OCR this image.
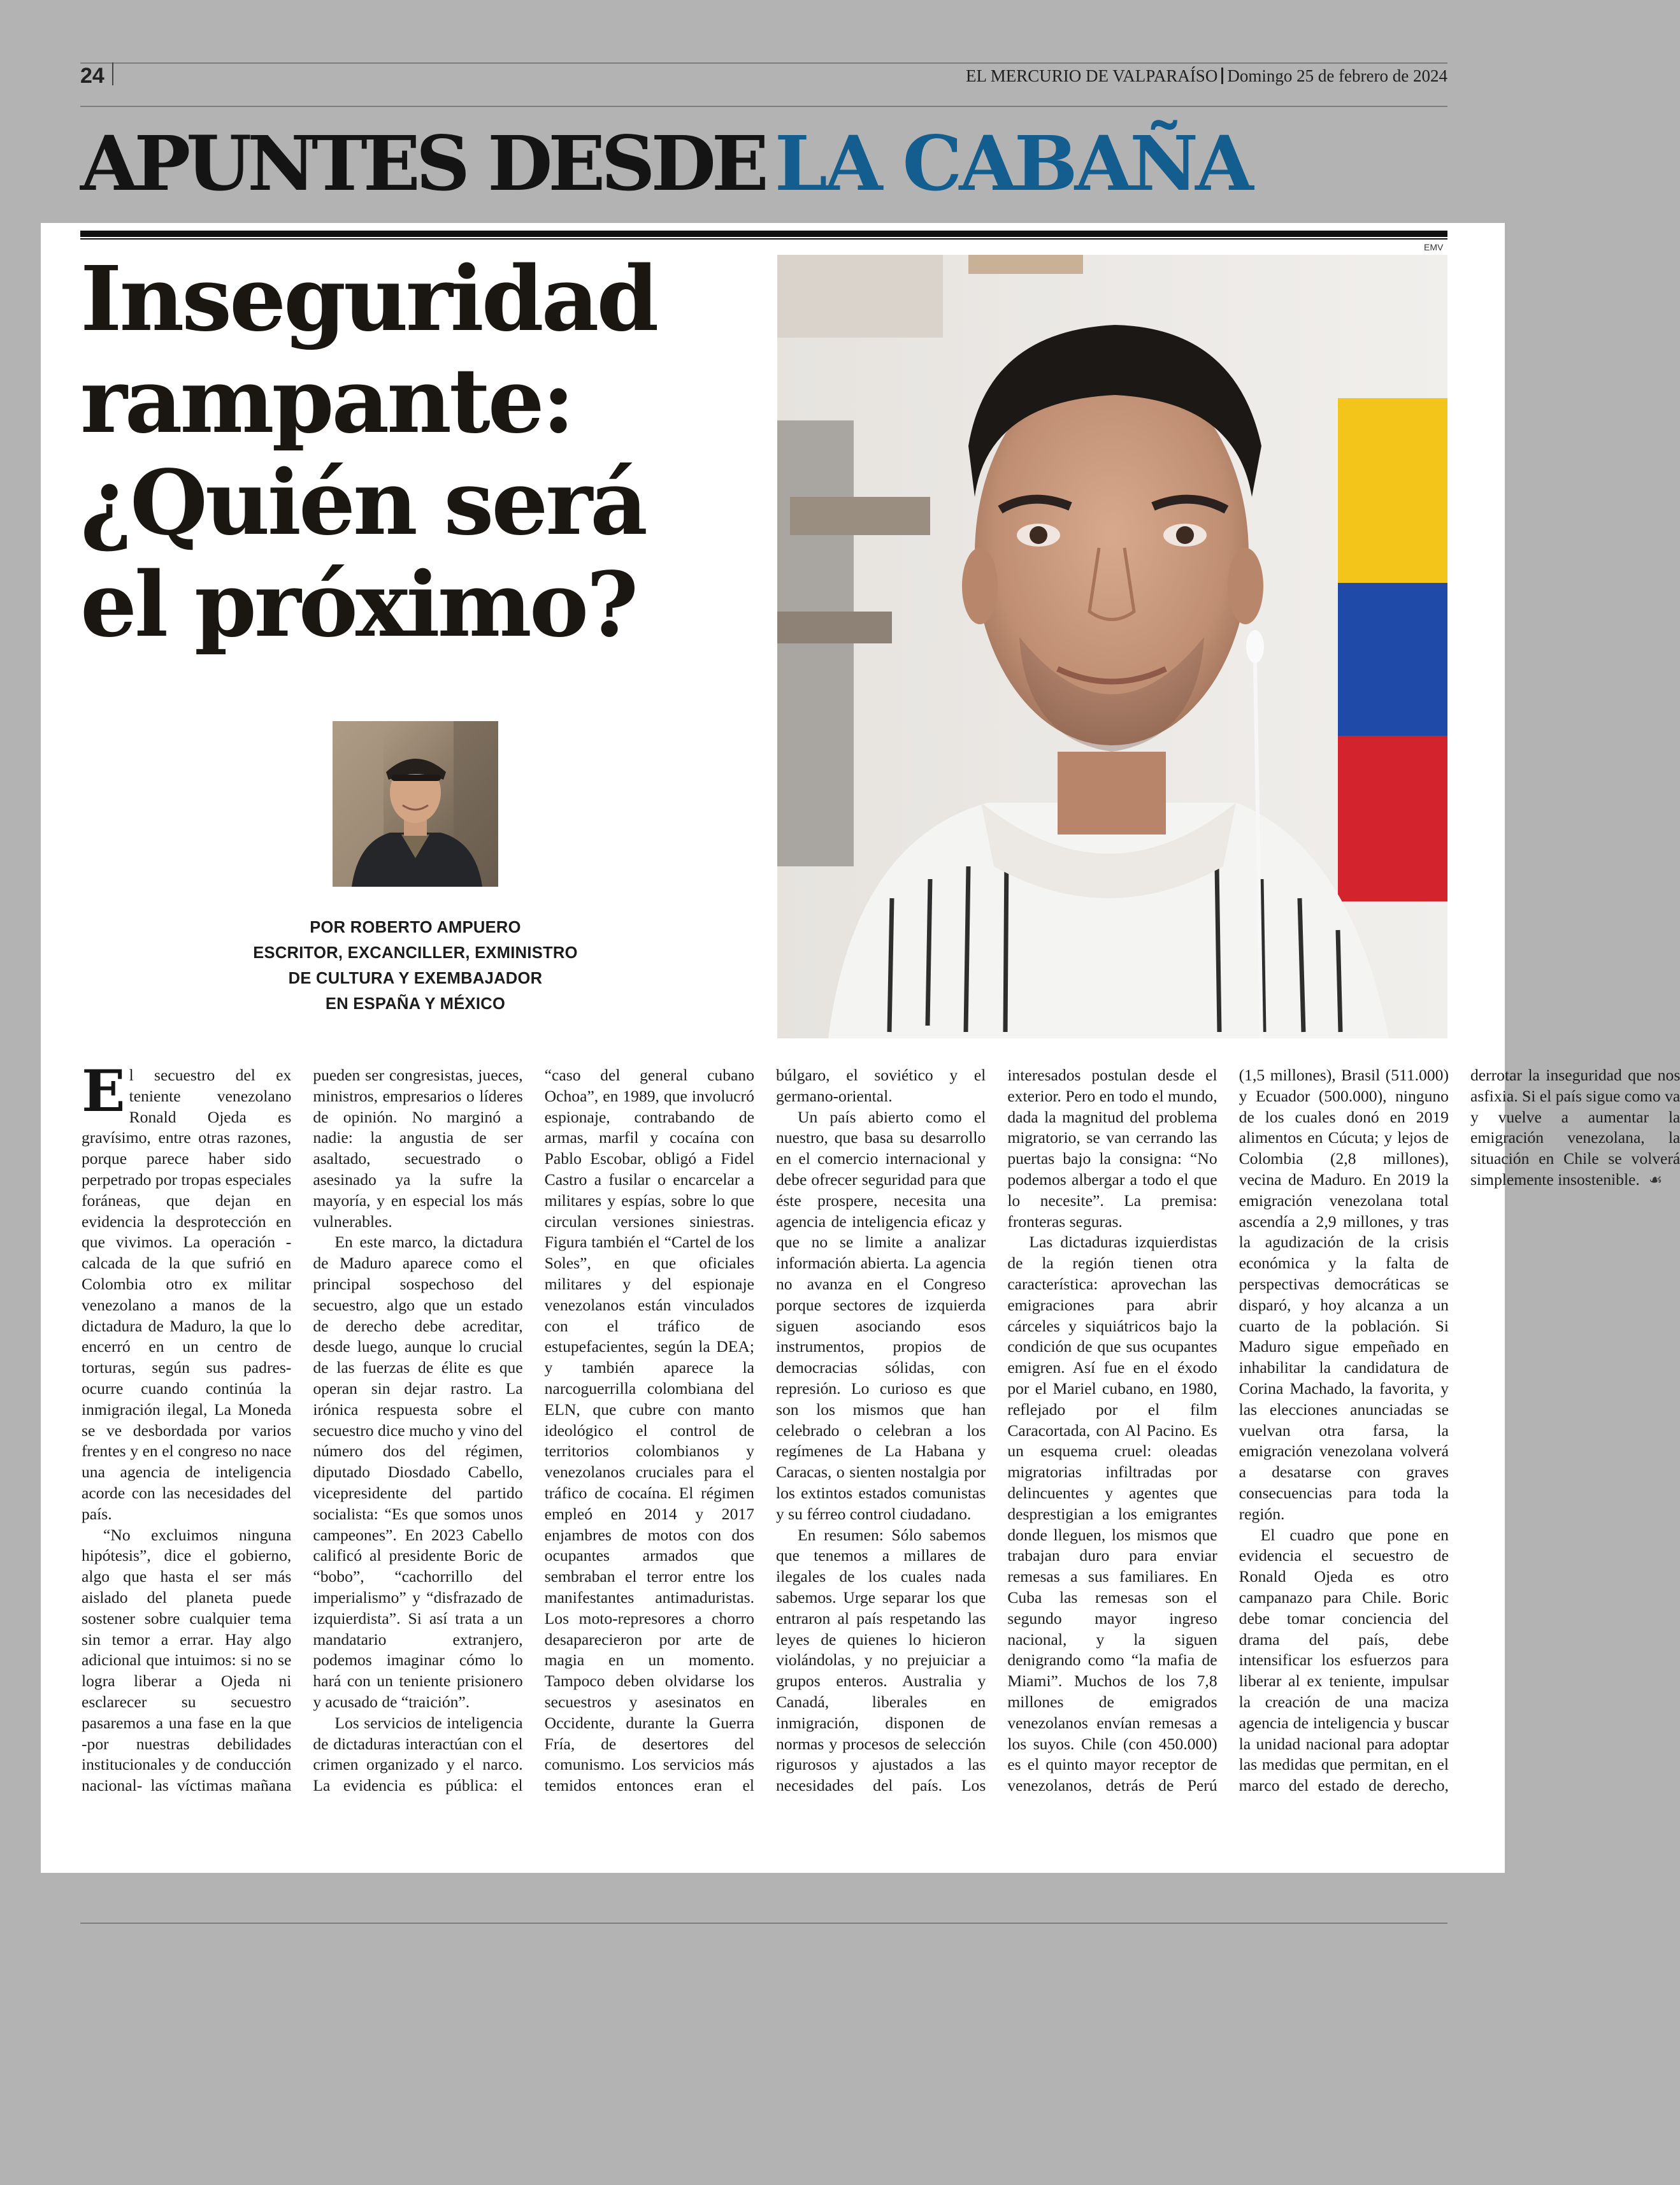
24	EL MERCURIO DE VALPARAÍSO Domingo 25 de febrero de 2024
APUNTES DESDE LA CABAÑA
Inseguridad
rampante:
¿Quién será
el próximo?
POR ROBERTO AMPUERO
ESCRITOR, EXCANCILLER, EXMINISTRO
DE CULTURA Y EXEMBAJADOR
EN ESPAÑA Y MÉXICO
EMV

El secuestro del ex teniente venezolano Ronald Ojeda es gravísimo, entre otras razones, porque parece haber sido perpetrado por tropas especiales foráneas, que dejan en evidencia la desprotección en que vivimos. La operación -calcada de la que sufrió en Colombia otro ex militar venezolano a manos de la dictadura de Maduro, la que lo encerró en un centro de torturas, según sus padres- ocurre cuando continúa la inmigración ilegal, La Moneda se ve desbordada por varios frentes y en el congreso no nace una agencia de inteligencia acorde con las necesidades del país.

“No excluimos ninguna hipótesis”, dice el gobierno, algo que hasta el ser más aislado del planeta puede sostener sobre cualquier tema sin temor a errar. Hay algo adicional que intuimos: si no se logra liberar a Ojeda ni esclarecer su secuestro pasaremos a una fase en la que -por nuestras debilidades institucionales y de conducción nacional- las víctimas mañana pueden ser congresistas, jueces, ministros, empresarios o líderes de opinión. No marginó a nadie: la angustia de ser asaltado, secuestrado o asesinado ya la sufre la mayoría, y en especial los más vulnerables.

En este marco, la dictadura de Maduro aparece como el principal sospechoso del secuestro, algo que un estado de derecho debe acreditar, desde luego, aunque lo crucial de las fuerzas de élite es que operan sin dejar rastro. La irónica respuesta sobre el secuestro dice mucho y vino del número dos del régimen, diputado Diosdado Cabello, vicepresidente del partido socialista: “Es que somos unos campeones”. En 2023 Cabello calificó al presidente Boric de “bobo”, “cachorrillo del imperialismo” y “disfrazado de izquierdista”. Si así trata a un mandatario extranjero, podemos imaginar cómo lo hará con un teniente prisionero y acusado de “traición”.

Los servicios de inteligencia de dictaduras interactúan con el crimen organizado y el narco. La evidencia es pública: el “caso del general cubano Ochoa”, en 1989, que involucró espionaje, contrabando de armas, marfil y cocaína con Pablo Escobar, obligó a Fidel Castro a fusilar o encarcelar a militares y espías, sobre lo que circulan versiones siniestras. Figura también el “Cartel de los Soles”, en que oficiales militares y del espionaje venezolanos están vinculados con el tráfico de estupefacientes, según la DEA; y también aparece la narcoguerrilla colombiana del ELN, que cubre con manto ideológico el control de territorios colombianos y venezolanos cruciales para el tráfico de cocaína. El régimen empleó en 2014 y 2017 enjambres de motos con dos ocupantes armados que sembraban el terror entre los manifestantes antimaduristas. Los moto-represores a chorro desaparecieron por arte de magia en un momento. Tampoco deben olvidarse los secuestros y asesinatos en Occidente, durante la Guerra Fría, de desertores del comunismo. Los servicios más temidos entonces eran el búlgaro, el soviético y el germano-oriental.

Un país abierto como el nuestro, que basa su desarrollo en el comercio internacional y debe ofrecer seguridad para que éste prospere, necesita una agencia de inteligencia eficaz y que no se limite a analizar información abierta. La agencia no avanza en el Congreso porque sectores de izquierda siguen asociando esos instrumentos, propios de democracias sólidas, con represión. Lo curioso es que son los mismos que han celebrado o celebran a los regímenes de La Habana y Caracas, o sienten nostalgia por los extintos estados comunistas y su férreo control ciudadano.

En resumen: Sólo sabemos que tenemos a millares de ilegales de los cuales nada sabemos. Urge separar los que entraron al país respetando las leyes de quienes lo hicieron violándolas, y no prejuiciar a grupos enteros. Australia y Canadá, liberales en inmigración, disponen de normas y procesos de selección rigurosos y ajustados a las necesidades del país. Los interesados postulan desde el exterior. Pero en todo el mundo, dada la magnitud del problema migratorio, se van cerrando las puertas bajo la consigna: “No podemos albergar a todo el que lo necesite”. La premisa: fronteras seguras.

Las dictaduras izquierdistas de la región tienen otra característica: aprovechan las emigraciones para abrir cárceles y siquiátricos bajo la condición de que sus ocupantes emigren. Así fue en el éxodo por el Mariel cubano, en 1980, reflejado por el film Caracortada, con Al Pacino. Es un esquema cruel: oleadas migratorias infiltradas por delincuentes y agentes que desprestigian a los emigrantes donde lleguen, los mismos que trabajan duro para enviar remesas a sus familiares. En Cuba las remesas son el segundo mayor ingreso nacional, y la siguen denigrando como “la mafia de Miami”. Muchos de los 7,8 millones de emigrados venezolanos envían remesas a los suyos. Chile (con 450.000) es el quinto mayor receptor de venezolanos, detrás de Perú (1,5 millones), Brasil (511.000) y Ecuador (500.000), ninguno de los cuales donó en 2019 alimentos en Cúcuta; y lejos de Colombia (2,8 millones), vecina de Maduro. En 2019 la emigración venezolana total ascendía a 2,9 millones, y tras la agudización de la crisis económica y la falta de perspectivas democráticas se disparó, y hoy alcanza a un cuarto de la población. Si Maduro sigue empeñado en inhabilitar la candidatura de Corina Machado, la favorita, y las elecciones anunciadas se vuelvan otra farsa, la emigración venezolana volverá a desatarse con graves consecuencias para toda la región.

El cuadro que pone en evidencia el secuestro de Ronald Ojeda es otro campanazo para Chile. Boric debe tomar conciencia del drama del país, debe intensificar los esfuerzos para liberar al ex teniente, impulsar la creación de una maciza agencia de inteligencia y buscar la unidad nacional para adoptar las medidas que permitan, en el marco del estado de derecho, derrotar la inseguridad que nos asfixia. Si el país sigue como va y vuelve a aumentar la emigración venezolana, la situación en Chile se volverá simplemente insostenible. ☙
